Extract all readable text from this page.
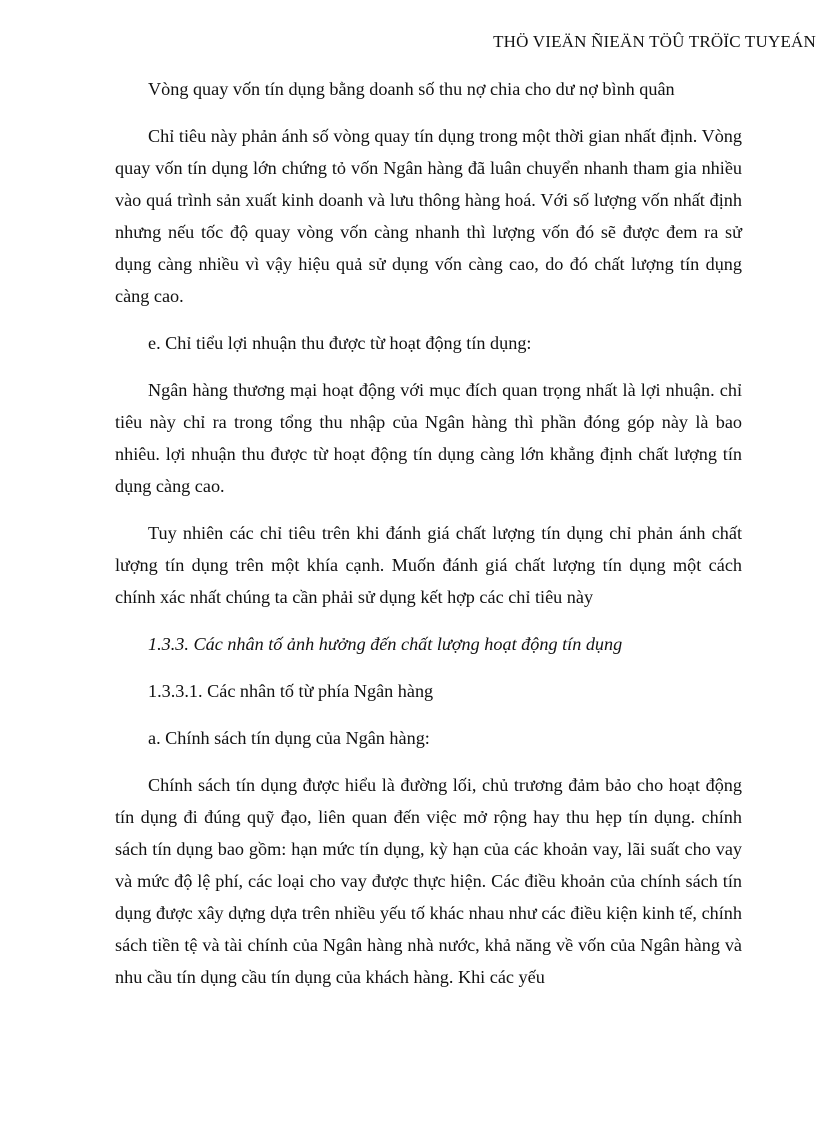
THÖ VIEÄN ÑIEÄN TÖÛ TRÖÏC TUYEÁN

Vòng quay vốn tín dụng bằng doanh số thu nợ chia cho dư nợ bình quân

Chỉ tiêu này phản ánh số vòng quay tín dụng trong một thời gian nhất định. Vòng quay vốn tín dụng lớn chứng tỏ vốn Ngân hàng đã luân chuyển nhanh tham gia nhiều vào quá trình sản xuất kinh doanh và lưu thông hàng hoá. Với số lượng vốn nhất định nhưng nếu tốc độ quay vòng vốn càng nhanh thì lượng vốn đó sẽ được đem ra sử dụng càng nhiều vì vậy hiệu quả sử dụng vốn càng cao, do đó chất lượng tín dụng càng cao.

e. Chỉ tiểu lợi nhuận thu được từ hoạt động tín dụng:

Ngân hàng thương mại hoạt động với mục đích quan trọng nhất là lợi nhuận. chỉ tiêu này chỉ ra trong tổng thu nhập của Ngân hàng thì phần đóng góp này là bao nhiêu. lợi nhuận thu được từ hoạt động tín dụng càng lớn khẳng định chất lượng tín dụng càng cao.

Tuy nhiên các chỉ tiêu trên khi đánh giá chất lượng tín dụng chỉ phản ánh chất lượng tín dụng trên một khía cạnh. Muốn đánh giá chất lượng tín dụng một cách chính xác nhất chúng ta cần phải sử dụng kết hợp các chỉ tiêu này

1.3.3. Các nhân tố ảnh hưởng đến chất lượng hoạt động tín dụng

1.3.3.1. Các nhân tố từ phía Ngân hàng

a. Chính sách tín dụng của Ngân hàng:

Chính sách tín dụng được hiểu là đường lối, chủ trương đảm bảo cho hoạt động tín dụng đi đúng quỹ đạo, liên quan đến việc mở rộng hay thu hẹp tín dụng. chính sách tín dụng bao gồm: hạn mức tín dụng, kỳ hạn của các khoản vay, lãi suất cho vay và mức độ lệ phí, các loại cho vay được thực hiện. Các điều khoản của chính sách tín dụng được xây dựng dựa trên nhiều yếu tố khác nhau như các điều kiện kinh tế, chính sách tiền tệ và tài chính của Ngân hàng nhà nước, khả năng về vốn của Ngân hàng và nhu cầu tín dụng cầu tín dụng của khách hàng. Khi các yếu
